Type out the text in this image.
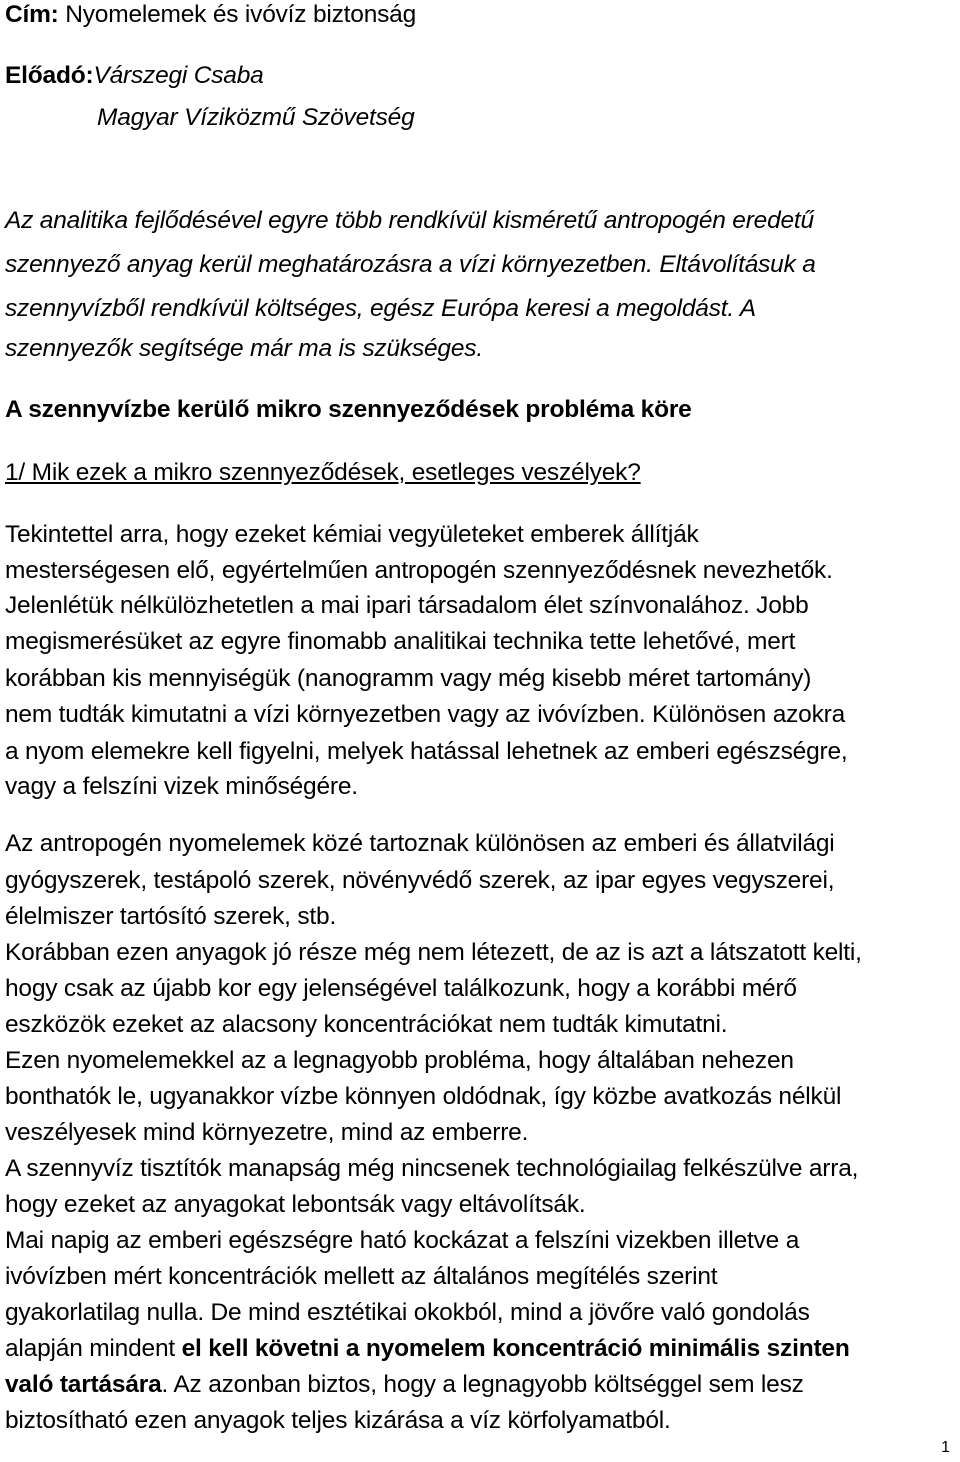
Cím: Nyomelemek és ivóvíz biztonság
Előadó:Várszegi Csaba
Magyar Víziközmű Szövetség
Az analitika fejlődésével egyre több rendkívül kisméretű antropogén eredetű
szennyező anyag kerül meghatározásra a vízi környezetben. Eltávolításuk a
szennyvízből rendkívül költséges, egész Európa keresi a megoldást. A
szennyezők segítsége már ma is szükséges.
A szennyvízbe kerülő mikro szennyeződések probléma köre
1/ Mik ezek a mikro szennyeződések, esetleges veszélyek?
Tekintettel arra, hogy ezeket kémiai vegyületeket emberek állítják
mesterségesen elő, egyértelműen antropogén szennyeződésnek nevezhetők.
Jelenlétük nélkülözhetetlen a mai ipari társadalom élet színvonalához. Jobb
megismerésüket az egyre finomabb analitikai technika tette lehetővé, mert
korábban kis mennyiségük (nanogramm vagy még kisebb méret tartomány)
nem tudták kimutatni a vízi környezetben vagy az ivóvízben. Különösen azokra
a nyom elemekre kell figyelni, melyek hatással lehetnek az emberi egészségre,
vagy a felszíni vizek minőségére.
Az antropogén nyomelemek közé tartoznak különösen az emberi és állatvilági
gyógyszerek, testápoló szerek, növényvédő szerek, az ipar egyes vegyszerei,
élelmiszer tartósító szerek, stb.
Korábban ezen anyagok jó része még nem létezett, de az is azt a látszatott kelti,
hogy csak az újabb kor egy jelenségével találkozunk, hogy a korábbi mérő
eszközök ezeket az alacsony koncentrációkat nem tudták kimutatni.
Ezen nyomelemekkel az a legnagyobb probléma, hogy általában nehezen
bonthatók le, ugyanakkor vízbe könnyen oldódnak, így közbe avatkozás nélkül
veszélyesek mind környezetre, mind az emberre.
A szennyvíz tisztítók manapság még nincsenek technológiailag felkészülve arra,
hogy ezeket az anyagokat lebontsák vagy eltávolítsák.
Mai napig az emberi egészségre ható kockázat a felszíni vizekben illetve a
ivóvízben mért koncentrációk mellett az általános megítélés szerint
gyakorlatilag nulla. De mind esztétikai okokból, mind a jövőre való gondolás
alapján mindent el kell követni a nyomelem koncentráció minimális szinten
való tartására. Az azonban biztos, hogy a legnagyobb költséggel sem lesz
biztosítható ezen anyagok teljes kizárása a víz körfolyamatból.
1
